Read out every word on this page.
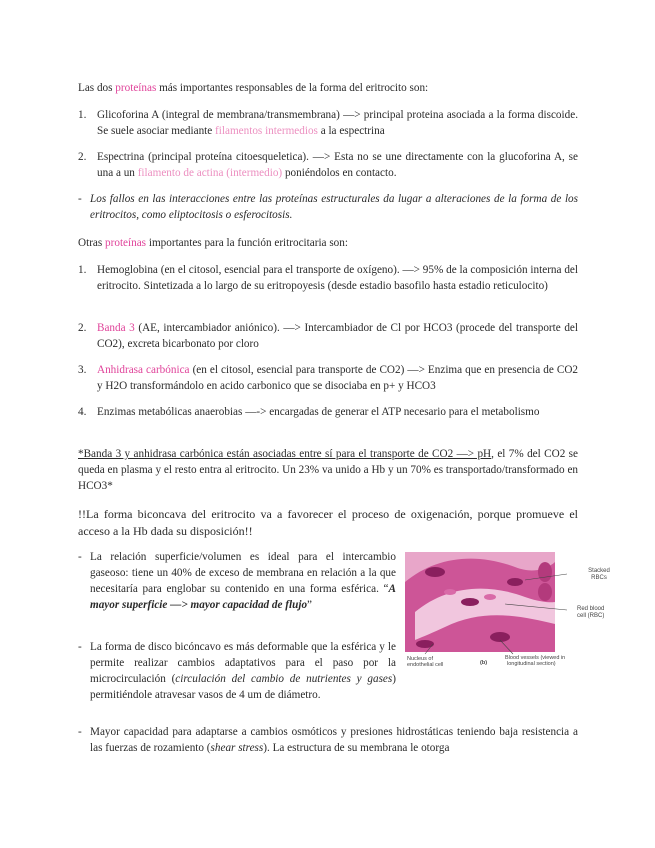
Las dos proteínas más importantes responsables de la forma del eritrocito son:

1. Glicoforina A (integral de membrana/transmembrana) —> principal proteina asociada a la forma discoide. Se suele asociar mediante filamentos intermedios a la espectrina
2. Espectrina (principal proteína citoesqueletica). —> Esta no se une directamente con la glucoforina A, se una a un filamento de actina (intermedio) poniéndolos en contacto.
- Los fallos en las interacciones entre las proteínas estructurales da lugar a alteraciones de la forma de los eritrocitos, como eliptocitosis o esferocitosis.

Otras proteínas importantes para la función eritrocitaria son:

1. Hemoglobina (en el citosol, esencial para el transporte de oxígeno). —> 95% de la composición interna del eritrocito. Sintetizada a lo largo de su eritropoyesis (desde estadio basofilo hasta estadio reticulocito)
2. Banda 3 (AE, intercambiador aniónico). —> Intercambiador de Cl por HCO3 (procede del transporte del CO2), excreta bicarbonato por cloro
3. Anhidrasa carbónica (en el citosol, esencial para transporte de CO2) —> Enzima que en presencia de CO2 y H2O transformándolo en acido carbonico que se disociaba en p+ y HCO3
4. Enzimas metabólicas anaerobias —-> encargadas de generar el ATP necesario para el metabolismo

*Banda 3 y anhidrasa carbónica están asociadas entre sí para el transporte de CO2 —> pH, el 7% del CO2 se queda en plasma y el resto entra al eritrocito. Un 23% va unido a Hb y un 70% es transportado/transformado en HCO3*

!!La forma biconcava del eritrocito va a favorecer el proceso de oxigenación, porque promueve el acceso a la Hb dada su disposición!!

- La relación superficie/volumen es ideal para el intercambio gaseoso: tiene un 40% de exceso de membrana en relación a la que necesitaría para englobar su contenido en una forma esférica. “A mayor superficie —> mayor capacidad de flujo”
- La forma de disco bicóncavo es más deformable que la esférica y le permite realizar cambios adaptativos para el paso por la microcirculación (circulación del cambio de nutrientes y gases) permitiéndole atravesar vasos de 4 um de diámetro.
- Mayor capacidad para adaptarse a cambios osmóticos y presiones hidrostáticas teniendo baja resistencia a las fuerzas de rozamiento (shear stress). La estructura de su membrana le otorga
Stacked RBCs
Red blood cell (RBC)
Nucleus of endothelial cell	(b)
Blood vessels (viewed in longitudinal section)
